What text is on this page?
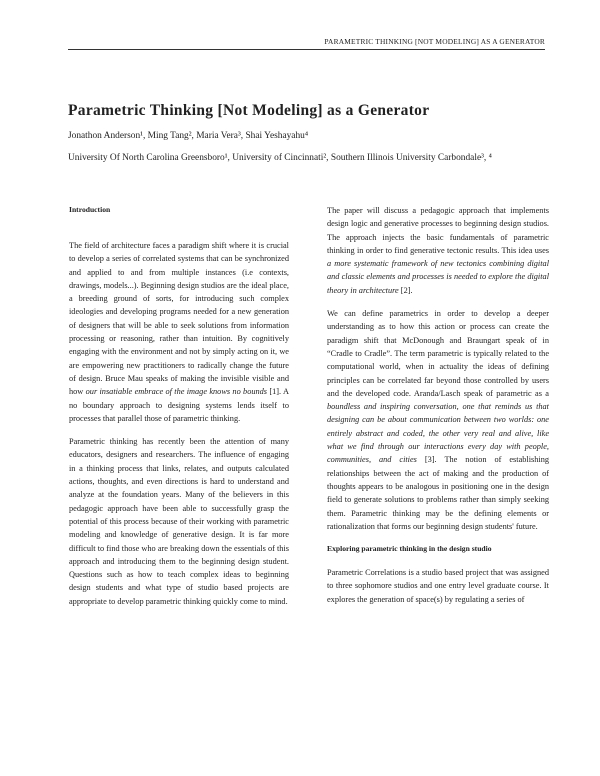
PARAMETRIC THINKING [NOT MODELING] AS A GENERATOR
Parametric Thinking [Not Modeling] as a Generator
Jonathon Anderson¹, Ming Tang², Maria Vera³, Shai Yeshayahu⁴
University Of North Carolina Greensboro¹, University of Cincinnati², Southern Illinois University Carbondale³, ⁴
Introduction

The field of architecture faces a paradigm shift where it is crucial to develop a series of correlated systems that can be synchronized and applied to and from multiple instances (i.e contexts, drawings, models...). Beginning design studios are the ideal place, a breeding ground of sorts, for introducing such complex ideologies and developing programs needed for a new generation of designers that will be able to seek solutions from information processing or reasoning, rather than intuition. By cognitively engaging with the environment and not by simply acting on it, we are empowering new practitioners to radically change the future of design. Bruce Mau speaks of making the invisible visible and how our insatiable embrace of the image knows no bounds [1]. A no boundary approach to designing systems lends itself to processes that parallel those of parametric thinking.

Parametric thinking has recently been the attention of many educators, designers and researchers. The influence of engaging in a thinking process that links, relates, and outputs calculated actions, thoughts, and even directions is hard to understand and analyze at the foundation years. Many of the believers in this pedagogic approach have been able to successfully grasp the potential of this process because of their working with parametric modeling and knowledge of generative design. It is far more difficult to find those who are breaking down the essentials of this approach and introducing them to the beginning design student. Questions such as how to teach complex ideas to beginning design students and what type of studio based projects are appropriate to develop parametric thinking quickly come to mind.

The paper will discuss a pedagogic approach that implements design logic and generative processes to beginning design studios. The approach injects the basic fundamentals of parametric thinking in order to find generative tectonic results. This idea uses a more systematic framework of new tectonics combining digital and classic elements and processes is needed to explore the digital theory in architecture [2].

We can define parametrics in order to develop a deeper understanding as to how this action or process can create the paradigm shift that McDonough and Braungart speak of in “Cradle to Cradle”. The term parametric is typically related to the computational world, when in actuality the ideas of defining principles can be correlated far beyond those controlled by users and the developed code. Aranda/Lasch speak of parametric as a boundless and inspiring conversation, one that reminds us that designing can be about communication between two worlds: one entirely abstract and coded, the other very real and alive, like what we find through our interactions every day with people, communities, and cities [3]. The notion of establishing relationships between the act of making and the production of thoughts appears to be analogous in positioning one in the design field to generate solutions to problems rather than simply seeking them. Parametric thinking may be the defining elements or rationalization that forms our beginning design students' future.

Exploring parametric thinking in the design studio

Parametric Correlations is a studio based project that was assigned to three sophomore studios and one entry level graduate course. It explores the generation of space(s) by regulating a series of
